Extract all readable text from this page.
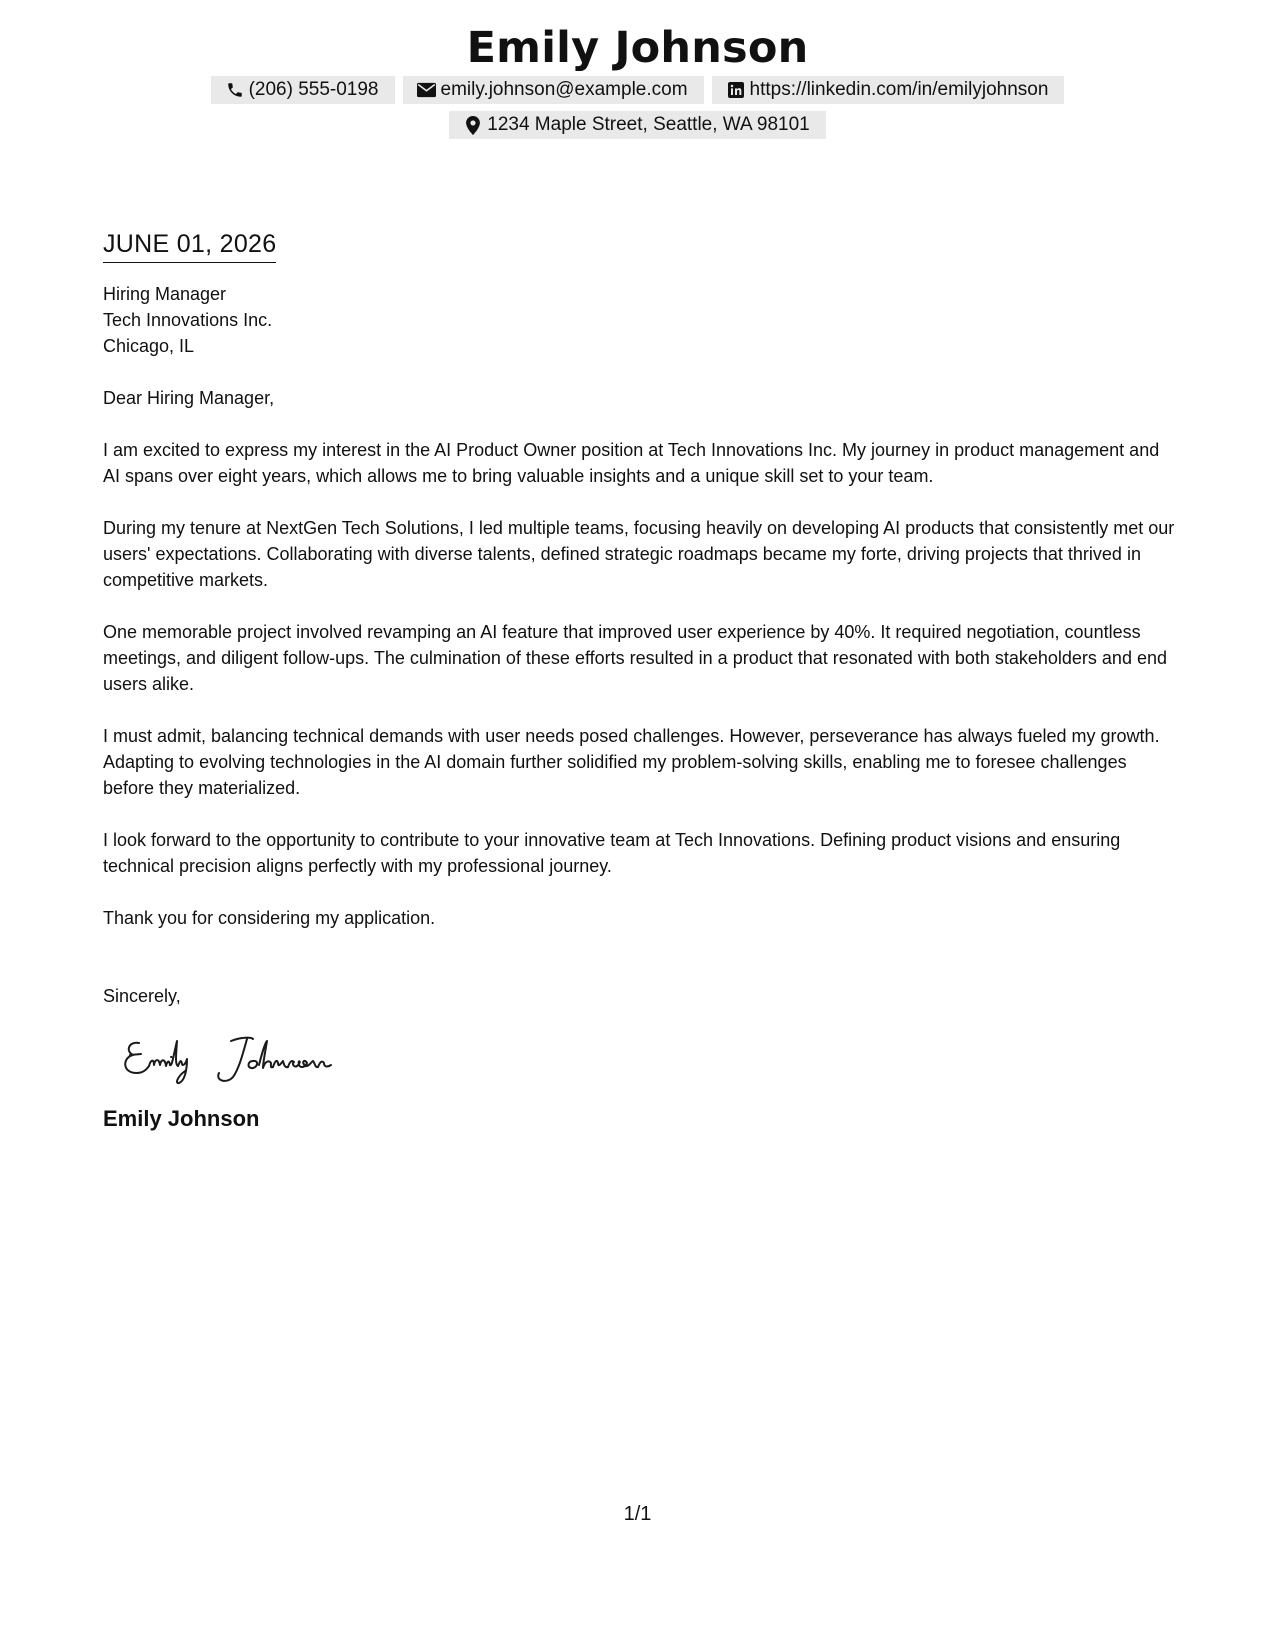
Emily Johnson
(206) 555-0198	emily.johnson@example.com	https://linkedin.com/in/emilyjohnson
1234 Maple Street, Seattle, WA 98101
JUNE 01, 2026
Hiring Manager
Tech Innovations Inc.
Chicago, IL
Dear Hiring Manager,
I am excited to express my interest in the AI Product Owner position at Tech Innovations Inc. My journey in product management and AI spans over eight years, which allows me to bring valuable insights and a unique skill set to your team.
During my tenure at NextGen Tech Solutions, I led multiple teams, focusing heavily on developing AI products that consistently met our users' expectations. Collaborating with diverse talents, defined strategic roadmaps became my forte, driving projects that thrived in competitive markets.
One memorable project involved revamping an AI feature that improved user experience by 40%. It required negotiation, countless meetings, and diligent follow-ups. The culmination of these efforts resulted in a product that resonated with both stakeholders and end users alike.
I must admit, balancing technical demands with user needs posed challenges. However, perseverance has always fueled my growth. Adapting to evolving technologies in the AI domain further solidified my problem-solving skills, enabling me to foresee challenges before they materialized.
I look forward to the opportunity to contribute to your innovative team at Tech Innovations. Defining product visions and ensuring technical precision aligns perfectly with my professional journey.
Thank you for considering my application.
Sincerely,
Emily Johnson
1/1
